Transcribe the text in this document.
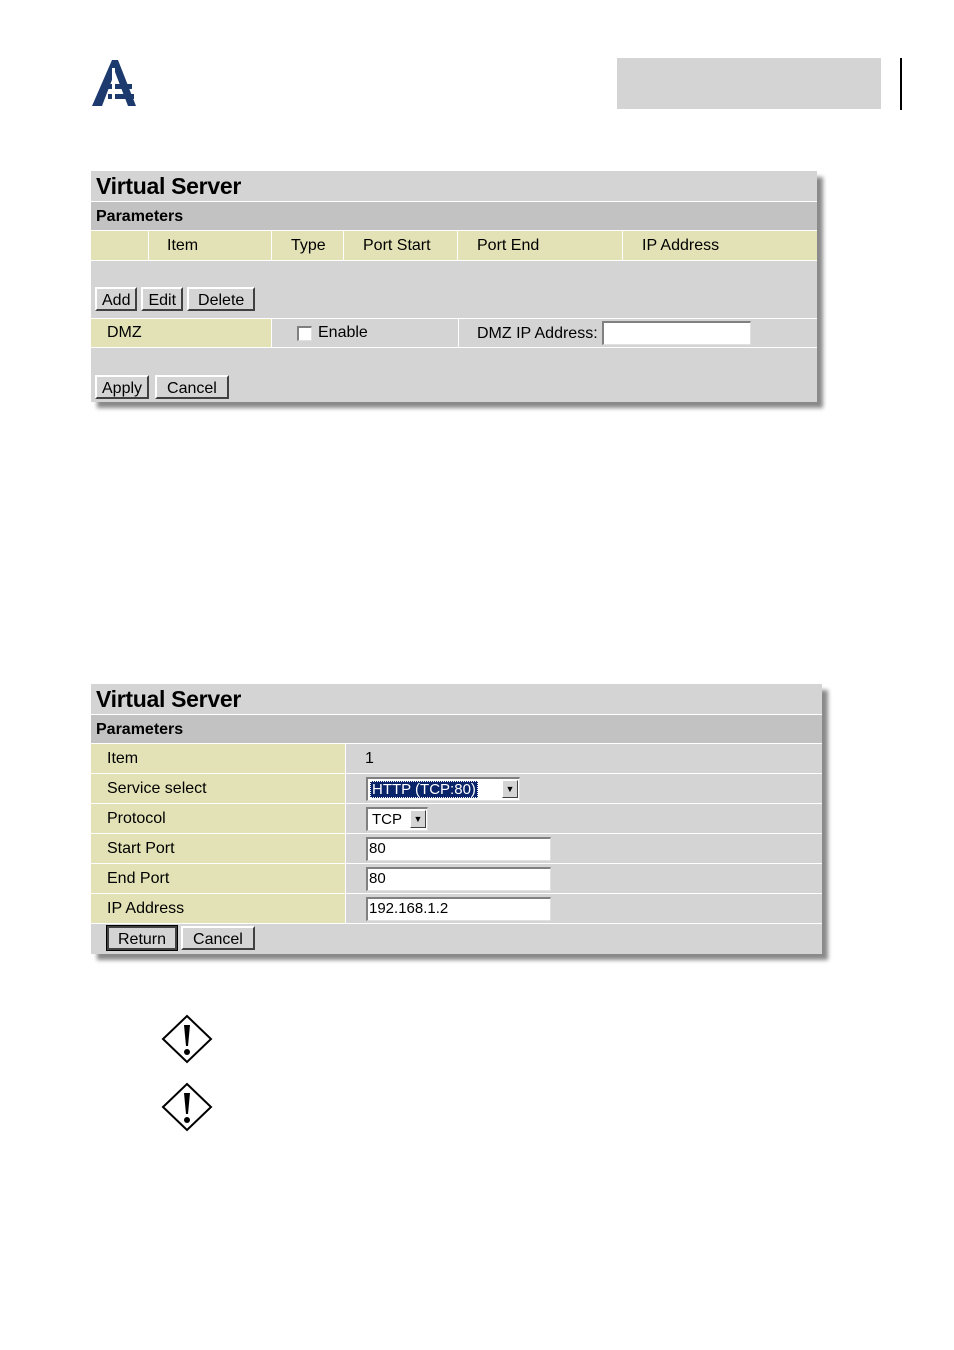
Virtual Server
Parameters
Item	Type	Port Start	Port End	IP Address
Add	Edit	Delete
DMZ	Enable	DMZ IP Address:
Apply	Cancel
Virtual Server
Parameters
Item	1
Service select	HTTP (TCP:80)	▼
Protocol	TCP	▼
Start Port	80
End Port	80
IP Address	192.168.1.2
Return	Cancel
